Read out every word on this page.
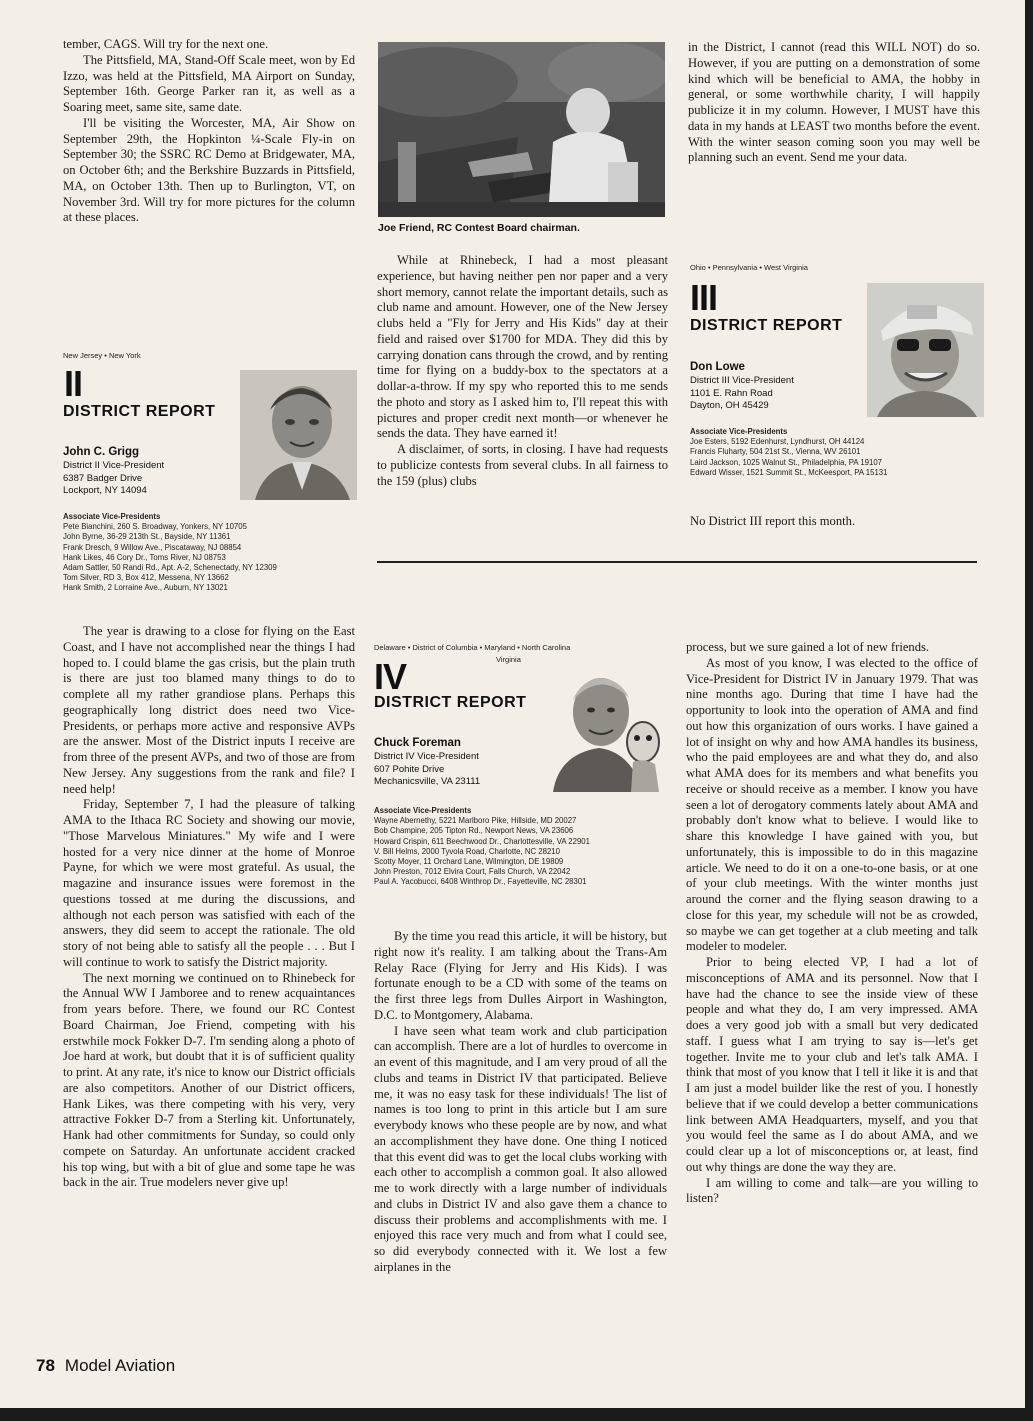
tember, CAGS. Will try for the next one.

The Pittsfield, MA, Stand-Off Scale meet, won by Ed Izzo, was held at the Pittsfield, MA Airport on Sunday, September 16th. George Parker ran it, as well as a Soaring meet, same site, same date.

I'll be visiting the Worcester, MA, Air Show on September 29th, the Hopkinton ¼-Scale Fly-in on September 30; the SSRC RC Demo at Bridgewater, MA, on October 6th; and the Berkshire Buzzards in Pittsfield, MA, on October 13th. Then up to Burlington, VT, on November 3rd. Will try for more pictures for the column at these places.

Joe Friend, RC Contest Board chairman.

While at Rhinebeck, I had a most pleasant experience, but having neither pen nor paper and a very short memory, cannot relate the important details, such as club name and amount. However, one of the New Jersey clubs held a "Fly for Jerry and His Kids" day at their field and raised over $1700 for MDA. They did this by carrying donation cans through the crowd, and by renting time for flying on a buddy-box to the spectators at a dollar-a-throw. If my spy who reported this to me sends the photo and story as I asked him to, I'll repeat this with pictures and proper credit next month—or whenever he sends the data. They have earned it!

A disclaimer, of sorts, in closing. I have had requests to publicize contests from several clubs. In all fairness to the 159 (plus) clubs

in the District, I cannot (read this WILL NOT) do so. However, if you are putting on a demonstration of some kind which will be beneficial to AMA, the hobby in general, or some worthwhile charity, I will happily publicize it in my column. However, I MUST have this data in my hands at LEAST two months before the event. With the winter season coming soon you may well be planning such an event. Send me your data.

New Jersey • New York
II
DISTRICT REPORT
John C. Grigg
District II Vice-President
6387 Badger Drive
Lockport, NY 14094
Associate Vice-Presidents
Pete Bianchini, 260 S. Broadway, Yonkers, NY 10705
John Byrne, 36-29 213th St., Bayside, NY 11361
Frank Dresch, 9 Willow Ave., Piscataway, NJ 08854
Hank Likes, 46 Cory Dr., Toms River, NJ 08753
Adam Sattler, 50 Randi Rd., Apt. A-2, Schenectady, NY 12309
Tom Silver, RD 3, Box 412, Messena, NY 13662
Hank Smith, 2 Lorraine Ave., Auburn, NY 13021
Ohio • Pennsylvania • West Virginia
III
DISTRICT REPORT
Don Lowe
District III Vice-President
1101 E. Rahn Road
Dayton, OH 45429
Associate Vice-Presidents
Joe Esters, 5192 Edenhurst, Lyndhurst, OH 44124
Francis Fluharty, 504 21st St., Vienna, WV 26101
Laird Jackson, 1025 Walnut St., Philadelphia, PA 19107
Edward Wisser, 1521 Summit St., McKeesport, PA 15131
No District III report this month.
Delaware • District of Columbia • Maryland • North Carolina
Virginia
IV
DISTRICT REPORT
Chuck Foreman
District IV Vice-President
607 Pohite Drive
Mechanicsville, VA 23111
Associate Vice-Presidents
Wayne Abernethy, 5221 Marlboro Pike, Hillside, MD 20027
Bob Champine, 205 Tipton Rd., Newport News, VA 23606
Howard Crispin, 611 Beechwood Dr., Charlottesville, VA 22901
V. Bill Helms, 2000 Tyvola Road, Charlotte, NC 28210
Scotty Moyer, 11 Orchard Lane, Wilmington, DE 19809
John Preston, 7012 Elvira Court, Falls Church, VA 22042
Paul A. Yacobucci, 6408 Winthrop Dr., Fayetteville, NC 28301

The year is drawing to a close for flying on the East Coast, and I have not accomplished near the things I had hoped to. I could blame the gas crisis, but the plain truth is there are just too blamed many things to do to complete all my rather grandiose plans. Perhaps this geographically long district does need two Vice-Presidents, or perhaps more active and responsive AVPs are the answer. Most of the District inputs I receive are from three of the present AVPs, and two of those are from New Jersey. Any suggestions from the rank and file? I need help!

Friday, September 7, I had the pleasure of talking AMA to the Ithaca RC Society and showing our movie, "Those Marvelous Miniatures." My wife and I were hosted for a very nice dinner at the home of Monroe Payne, for which we were most grateful. As usual, the magazine and insurance issues were foremost in the questions tossed at me during the discussions, and although not each person was satisfied with each of the answers, they did seem to accept the rationale. The old story of not being able to satisfy all the people . . . But I will continue to work to satisfy the District majority.

The next morning we continued on to Rhinebeck for the Annual WW I Jamboree and to renew acquaintances from years before. There, we found our RC Contest Board Chairman, Joe Friend, competing with his erstwhile mock Fokker D-7. I'm sending along a photo of Joe hard at work, but doubt that it is of sufficient quality to print. At any rate, it's nice to know our District officials are also competitors. Another of our District officers, Hank Likes, was there competing with his very, very attractive Fokker D-7 from a Sterling kit. Unfortunately, Hank had other commitments for Sunday, so could only compete on Saturday. An unfortunate accident cracked his top wing, but with a bit of glue and some tape he was back in the air. True modelers never give up!

By the time you read this article, it will be history, but right now it's reality. I am talking about the Trans-Am Relay Race (Flying for Jerry and His Kids). I was fortunate enough to be a CD with some of the teams on the first three legs from Dulles Airport in Washington, D.C. to Montgomery, Alabama.

I have seen what team work and club participation can accomplish. There are a lot of hurdles to overcome in an event of this magnitude, and I am very proud of all the clubs and teams in District IV that participated. Believe me, it was no easy task for these individuals! The list of names is too long to print in this article but I am sure everybody knows who these people are by now, and what an accomplishment they have done. One thing I noticed that this event did was to get the local clubs working with each other to accomplish a common goal. It also allowed me to work directly with a large number of individuals and clubs in District IV and also gave them a chance to discuss their problems and accomplishments with me. I enjoyed this race very much and from what I could see, so did everybody connected with it. We lost a few airplanes in the

process, but we sure gained a lot of new friends.

As most of you know, I was elected to the office of Vice-President for District IV in January 1979. That was nine months ago. During that time I have had the opportunity to look into the operation of AMA and find out how this organization of ours works. I have gained a lot of insight on why and how AMA handles its business, who the paid employees are and what they do, and also what AMA does for its members and what benefits you receive or should receive as a member. I know you have seen a lot of derogatory comments lately about AMA and probably don't know what to believe. I would like to share this knowledge I have gained with you, but unfortunately, this is impossible to do in this magazine article. We need to do it on a one-to-one basis, or at one of your club meetings. With the winter months just around the corner and the flying season drawing to a close for this year, my schedule will not be as crowded, so maybe we can get together at a club meeting and talk modeler to modeler.

Prior to being elected VP, I had a lot of misconceptions of AMA and its personnel. Now that I have had the chance to see the inside view of these people and what they do, I am very impressed. AMA does a very good job with a small but very dedicated staff. I guess what I am trying to say is—let's get together. Invite me to your club and let's talk AMA. I think that most of you know that I tell it like it is and that I am just a model builder like the rest of you. I honestly believe that if we could develop a better communications link between AMA Headquarters, myself, and you that you would feel the same as I do about AMA, and we could clear up a lot of misconceptions or, at least, find out why things are done the way they are.

I am willing to come and talk—are you willing to listen?

78 Model Aviation
